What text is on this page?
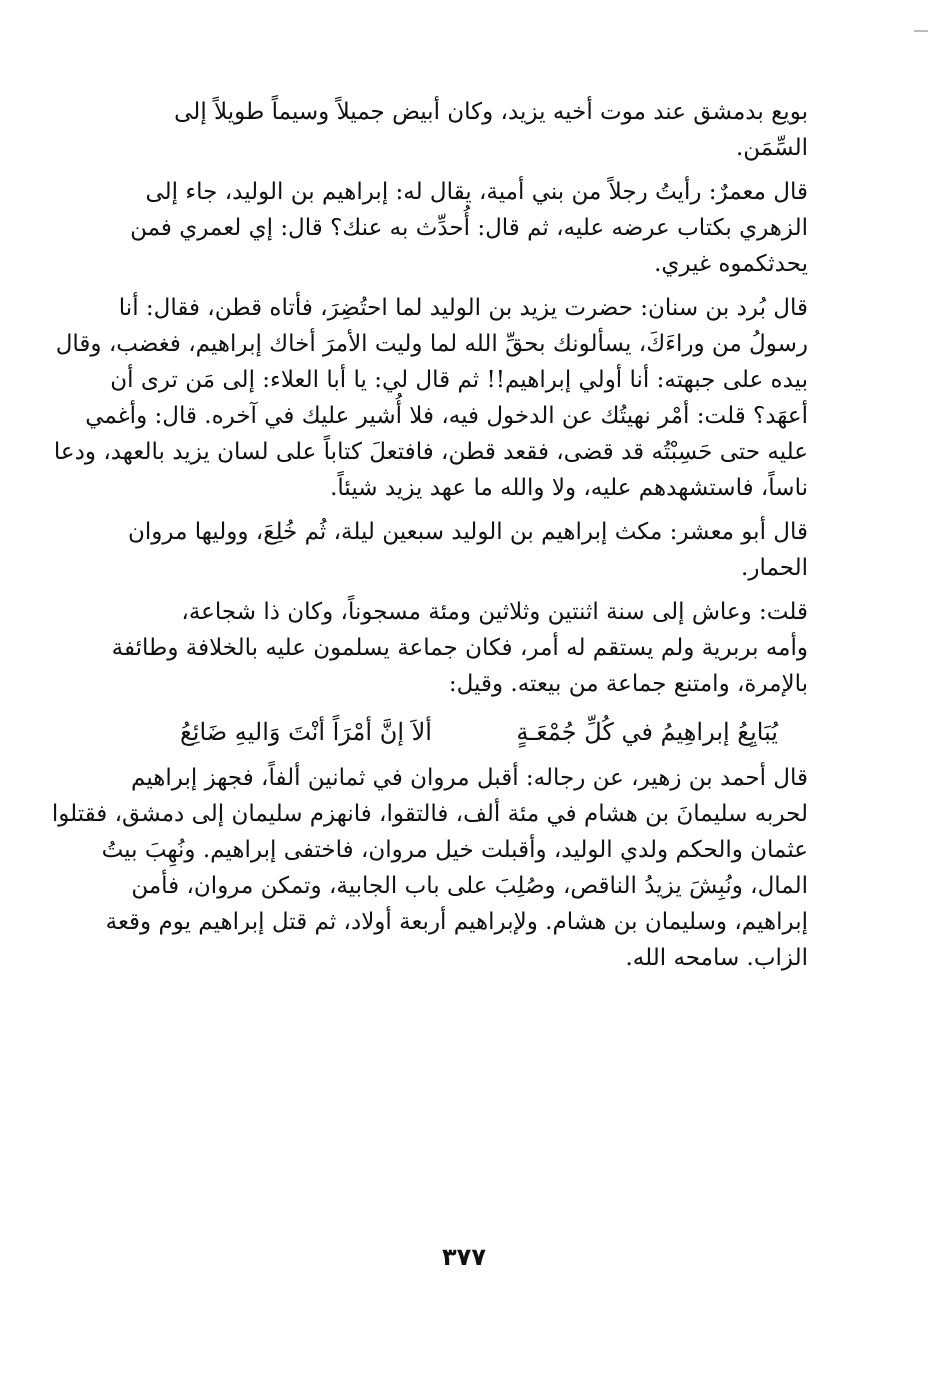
بويع بدمشق عند موت أخيه يزيد، وكان أبيض جميلاً وسيماً طويلاً إلى
السِّمَن.
قال معمرٌ: رأيتُ رجلاً من بني أمية، يقال له: إبراهيم بن الوليد، جاء إلى
الزهري بكتاب عرضه عليه، ثم قال: أُحدِّث به عنك؟ قال: إي لعمري فمن
يحدثكموه غيري.
قال بُرد بن سنان: حضرت يزيد بن الوليد لما احتُضِرَ، فأتاه قطن، فقال: أنا
رسولُ من وراءَكَ، يسألونك بحقِّ الله لما وليت الأمرَ أخاك إبراهيم، فغضب، وقال
بيده على جبهته: أنا أولي إبراهيم!! ثم قال لي: يا أبا العلاء: إلى مَن ترى أن
أعهَد؟ قلت: أمْر نهيتُك عن الدخول فيه، فلا أُشير عليك في آخره. قال: وأغمي
عليه حتى حَسِبْتُه قد قضى، فقعد قطن، فافتعلَ كتاباً على لسان يزيد بالعهد، ودعا
ناساً، فاستشهدهم عليه، ولا والله ما عهد يزيد شيئاً.
قال أبو معشر: مكث إبراهيم بن الوليد سبعين ليلة، ثُم خُلِعَ، ووليها مروان
الحمار.
قلت: وعاش إلى سنة اثنتين وثلاثين ومئة مسجوناً، وكان ذا شجاعة،
وأمه بربرية ولم يستقم له أمر، فكان جماعة يسلمون عليه بالخلافة وطائفة
بالإمرة، وامتنع جماعة من بيعته. وقيل:
يُبَايِعُ إبراهِيمُ في كُلِّ جُمْعَـةٍ
ألاَ إنَّ أمْرَاً أنْتَ وَاليهِ ضَائِعُ
قال أحمد بن زهير، عن رجاله: أقبل مروان في ثمانين ألفاً، فجهز إبراهيم
لحربه سليمانَ بن هشام في مئة ألف، فالتقوا، فانهزم سليمان إلى دمشق، فقتلوا
عثمان والحكم ولدي الوليد، وأقبلت خيل مروان، فاختفى إبراهيم. ونُهِبَ بيتُ
المال، ونُبِشَ يزيدُ الناقص، وصُلِبَ على باب الجابية، وتمكن مروان، فأمن
إبراهيم، وسليمان بن هشام. ولإبراهيم أربعة أولاد، ثم قتل إبراهيم يوم وقعة
الزاب. سامحه الله.
٣٧٧
